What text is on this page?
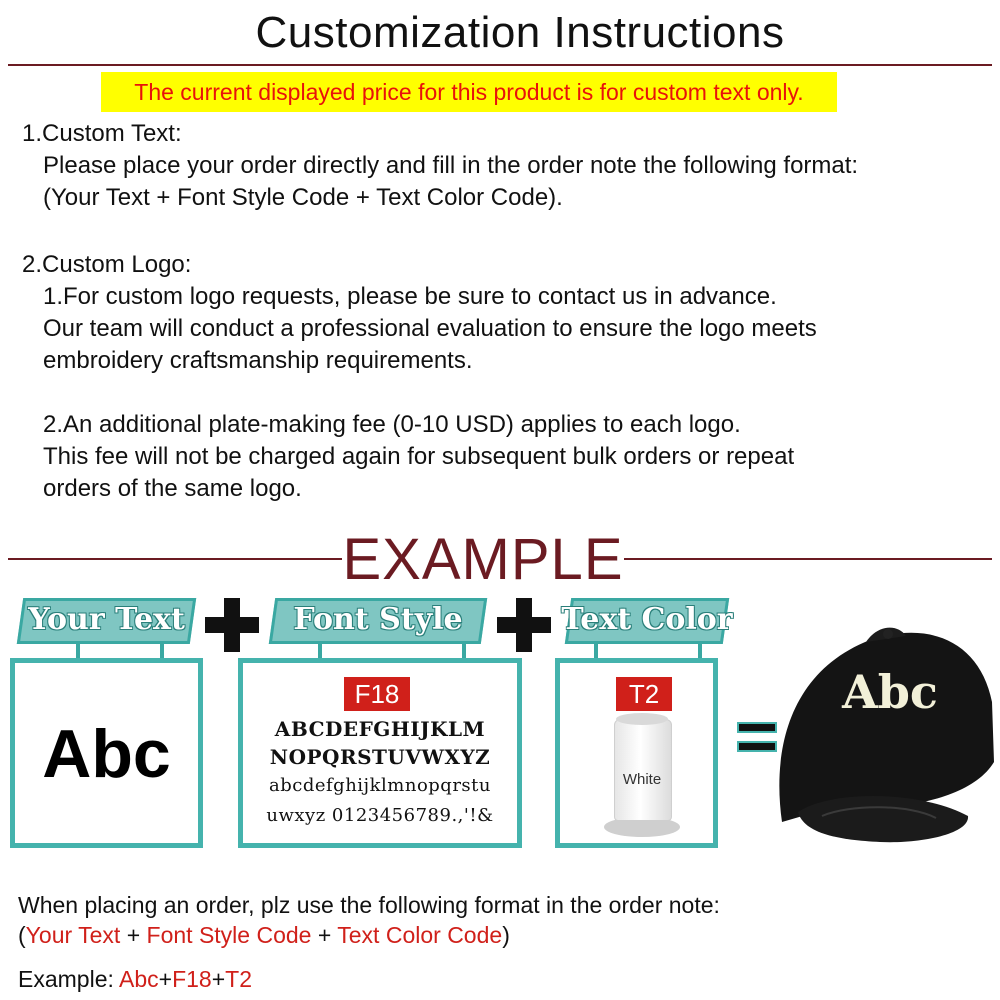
Customization Instructions
The current displayed price for this product is for custom text only.

1.Custom Text:

Please place your order directly and fill in the order note the following format:

(Your Text + Font Style Code + Text Color Code).

2.Custom Logo:

1.For custom logo requests, please be sure to contact us in advance.

Our team will conduct a professional evaluation to ensure the logo meets

embroidery craftsmanship requirements.

2.An additional plate-making fee (0-10 USD) applies to each logo.

This fee will not be charged again for subsequent bulk orders or repeat

orders of the same logo.

EXAMPLE
Your Text	Font Style	Text Color
Abc
F18
ABCDEFGHIJKLM
NOPQRSTUVWXYZ
abcdefghijklmnopqrstu
uwxyz 0123456789.,'!&
T2
White
Abc
When placing an order, plz use the following format in the order note:
(Your Text + Font Style Code + Text Color Code)
Example: Abc+F18+T2
